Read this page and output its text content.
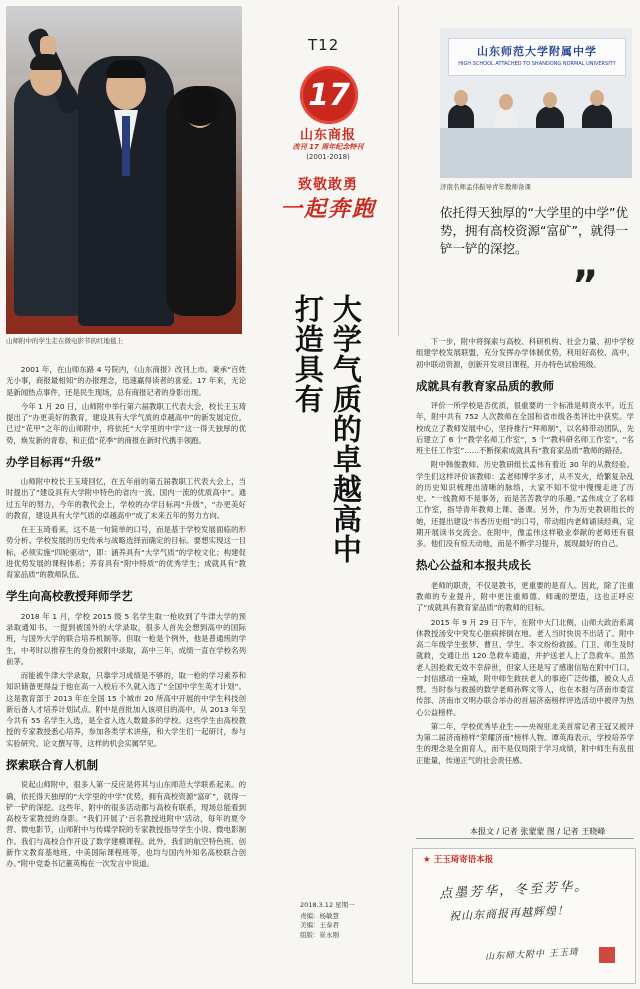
山师附中的学生走在微电影节的红地毯上
T12
17
山东商报
改刊 17 周年纪念特刊
(2001-2018)
致敬敢勇
一起奔跑
大学气质的卓越高中
打造具有
山东师范大学附属中学
HIGH SCHOOL ATTACHED TO SHANDONG NORMAL UNIVERSITY
济南名师孟伟振导青年教师备课
依托得天独厚的“大学里的中学”优势，拥有高校资源“富矿”，就得一铲一铲的深挖。
”

2001 年，在山师东路 4 号院内，《山东商报》改刊上市。秉承“百姓无小事，商报最相知”的办报理念，迅速赢得读者的喜爱。17 年来，无论是新闻热点事件，还是民生现场，总有商报记者的身影出现。

今年 1 月 20 日，山师附中举行第六届教职工代表大会，校长王玉琦提出了“办更美好的教育，建设具有大学气质的卓越高中”的新发展定位。已过“花甲”之年的山师附中，将依托“大学里的中学”这一得天独厚的优势，焕发新的青春，和正值“花季”的商报在新时代携手领跑。

办学目标再“升级”

山师附中校长王玉琦回忆，在五年前的第五届教职工代表大会上，当时提出了“建设具有大学附中特色的省内一流、国内一流的优质高中”。通过五年的努力，今年的教代会上，学校的办学目标再“升级”，“办更美好的教育，建设具有大学气质的卓越高中”成了未来五年的努力方向。

在王玉琦看来，这不是一句简单的口号，而是基于学校发展面临的形势分析、学校发展的历史传承与战略选择而确定的目标。要想实现这一目标，必须实施“四轮驱动”，即：涵养具有“大学气质”的学校文化；构建促进优势发展的课程体系；养育具有“附中特质”的优秀学生；成就具有“教育家品质”的教师队伍。

学生向高校教授拜师学艺

2018 年 1 月，学校 2015 级 5 名学生取一枪收到了牛津大学的预录取通知书。一提到被国外的大学录取，很多人首先会想到高中的国际班，与国外大学的联合培养机制等。但取一枪是个例外，他是普通班的学生，中考时以推荐生的身份被附中录取，高中三年，成绩一直在学校名列前茅。

而能被牛津大学录取，只靠学习成绩是不够的，取一枪的学习素养和知识储备更得益于他在高一入校后不久就入选了“全国中学生英才计划”。这是教育部于 2013 年在全国 15 个城市 20 所高中开展的中学生科技创新后备人才培养计划试点。附中是首批加入该项目的高中，从 2013 年至今共有 55 名学生入选，是全省入选人数最多的学校。这些学生由高校教授的专家教授悉心培养，参加各类学术讲座，和大学生们一起研讨，参与实验研究、论文撰写等，这样的机会实属罕见。

探索联合育人机制

说起山师附中，很多人第一反应是将其与山东师范大学联系起来。的确，依托得天独厚的“大学里的中学”优势，拥有高校资源“富矿”，就得一铲一铲的深挖。这些年，附中的很多活动都与高校有联系，现场总能看到高校专家教授的身影。“我们开展了‘百名教授进附中’活动，每年的夏令营、微电影节，山师附中与传媒学院的专家教授指导学生小说、微电影制作。我们与高校合作开设了数学建模课程。此外，我们的航空特色班、创新作文教育基地班、中美国际课程班等，也均与国内外知名高校联合创办。”附中党委书记董英梅在一次发言中说道。

下一步，附中将探索与高校、科研机构、社会力量、初中学校组建学校发展联盟，充分发挥办学体制优势，利用好高校、高中、初中联动资源，创新开发项目课程，开办特色试验班级。

成就具有教育家品质的教师

评价一所学校是否优质，很重要的一个标准是师资水平。近五年，附中共有 752 人次教师在全国和省市级各类评比中获奖。学校成立了教师发展中心，坚持推行“拜师制”，以名师带动团队，先后建立了 6 个“教学名师工作室”，5 个“教科研名师工作室”，“名班主任工作室”……不断探索成就具有“教育家品质”教师的路径。

附中韩俊教师、历史教研组长孟伟有着近 30 年的从教经验。学生们这样评价该教师：孟老师博学多才，从不发火，给繁复杂乱的历史知识梳理出清晰的脉络，大家不知不觉中慢慢走进了历史。“一线教师不是事务，而是苦苦教学的乐趣。”孟伟成立了名师工作室，指导青年教师上课、备课。另外，作为历史教研组长的她，还提出建设“书香历史组”的口号，带动组内老师诵读经典，定期开展读书交流会。在附中，像孟伟这样敬业奉献的老师还有很多。他们没有惊天动地，而是不断学习提升，展现最好的自己。

热心公益和本报共成长

老师的职责，不仅是教书，更重要的是育人。因此，除了注重教师的专业提升，附中更注重师德、师魂的塑造，这也正呼应了“成就具有教育家品质”的教师的目标。

2015 年 9 月 29 日下午，在附中大门北侧，山师大政治系离休教授汤安中突发心脏病摔倒在地。老人当时快说不出话了。附中高二年级学生张梦、曹旦、学生、李文纷纷救援。门卫、师生及时就救，交通让出 120 急救车通道，并护送老人上了急救车。虽然老人因抢救无效不幸辞世，但家人还是写了感谢信贴在附中门口。一封信感动一座城，附中师生救扶老人的事迹广泛传播，被众人点赞。当时参与救援的数学老师孙辉文等人，也在本报与济南市委宣传部、济南市文明办联合举办的首届济南榜样评选活动中被评为热心公益榜样。

第二年，学校优秀毕业生——央视驻北美首席记者王冠又被评为第二届济南榜样“荣耀济南”榜样人物。谭英海表示，学校培养学生的理念是全面育人，而不是仅局限于学习成绩，附中师生有乱扭正能量，传递正气的社会责任感。

本报文 / 记者 张蒙蒙 图 / 记者 王晓峰
2018.3.12 星期一
责编：杨敏慧
美编：王泰君
组版：崔永刚
★ 王玉琦寄语本报
点墨芳华，冬至芳华。
祝山东商报再越辉煌！
山东师大附中 王玉琦
